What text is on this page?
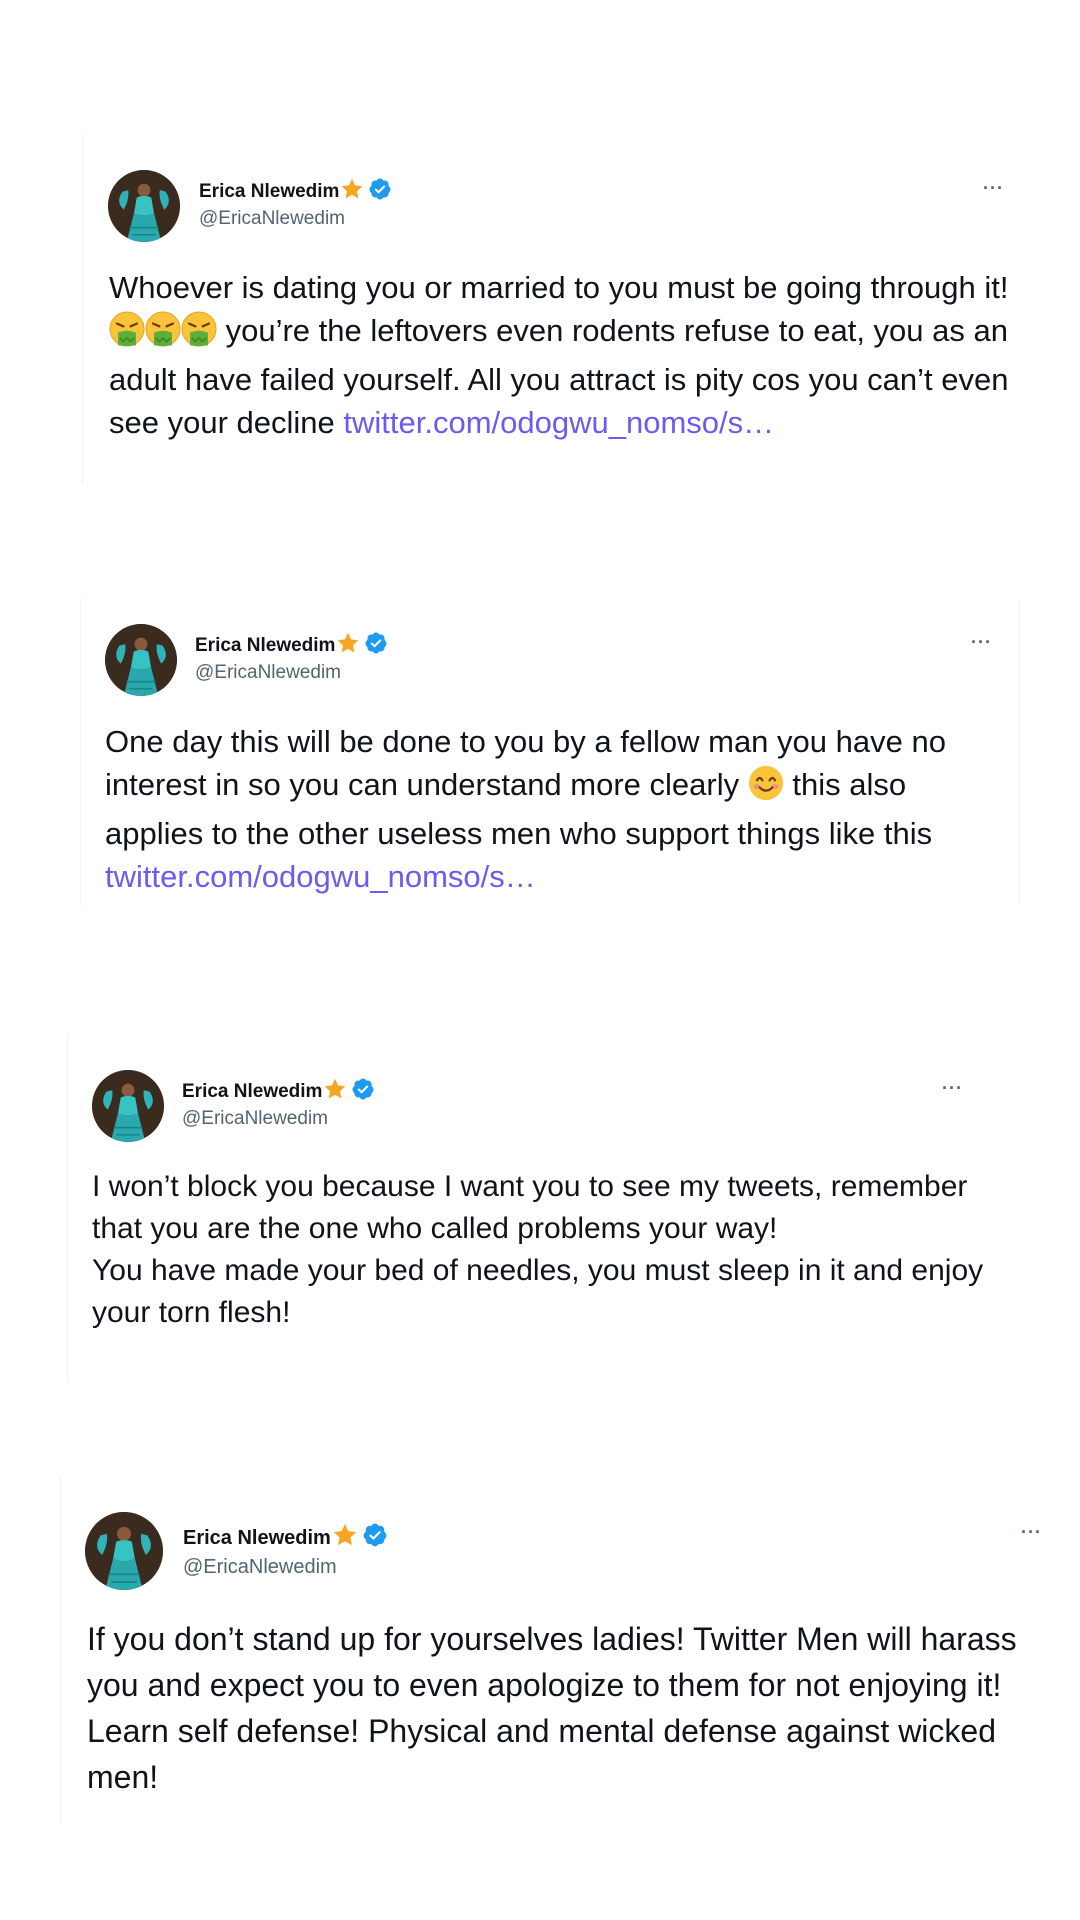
Erica Nlewedim
@EricaNlewedim
···
Whoever is dating you or married to you must be going through it!  you’re the leftovers even rodents refuse to eat, you as an adult have failed yourself. All you attract is pity cos you can’t even see your decline twitter.com/odogwu_nomso/s…
Erica Nlewedim
@EricaNlewedim
···
One day this will be done to you by a fellow man you have no interest in so you can understand more clearly  this also applies to the other useless men who support things like this twitter.com/odogwu_nomso/s…
Erica Nlewedim
@EricaNlewedim
···
I won’t block you because I want you to see my tweets, remember that you are the one who called problems your way!
You have made your bed of needles, you must sleep in it and enjoy your torn flesh!
Erica Nlewedim
@EricaNlewedim
···
If you don’t stand up for yourselves ladies! Twitter Men will harass you and expect you to even apologize to them for not enjoying it! Learn self defense! Physical and mental defense against wicked men!
